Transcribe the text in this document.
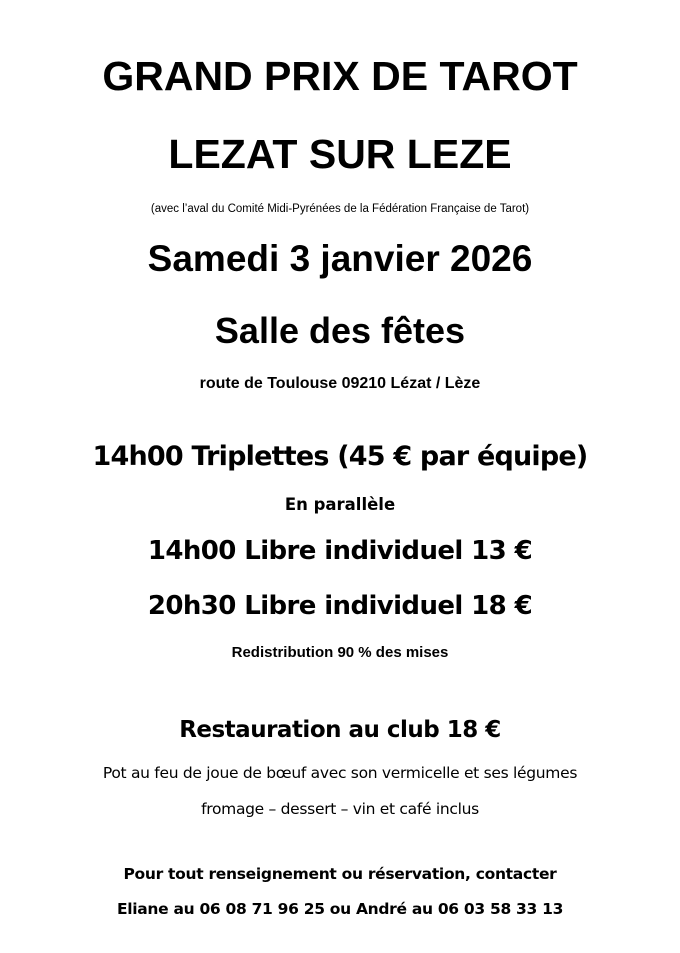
GRAND PRIX DE TAROT
LEZAT SUR LEZE
(avec l’aval du Comité Midi-Pyrénées de la Fédération Française de Tarot)
Samedi 3 janvier 2026
Salle des fêtes
route de Toulouse 09210 Lézat / Lèze
14h00 Triplettes (45 € par équipe)
En parallèle
14h00 Libre individuel 13 €
20h30 Libre individuel 18 €
Redistribution 90 % des mises
Restauration au club 18 €
Pot au feu de joue de bœuf avec son vermicelle et ses légumes
fromage – dessert – vin et café inclus
Pour tout renseignement ou réservation, contacter
Eliane au 06 08 71 96 25 ou André au 06 03 58 33 13
